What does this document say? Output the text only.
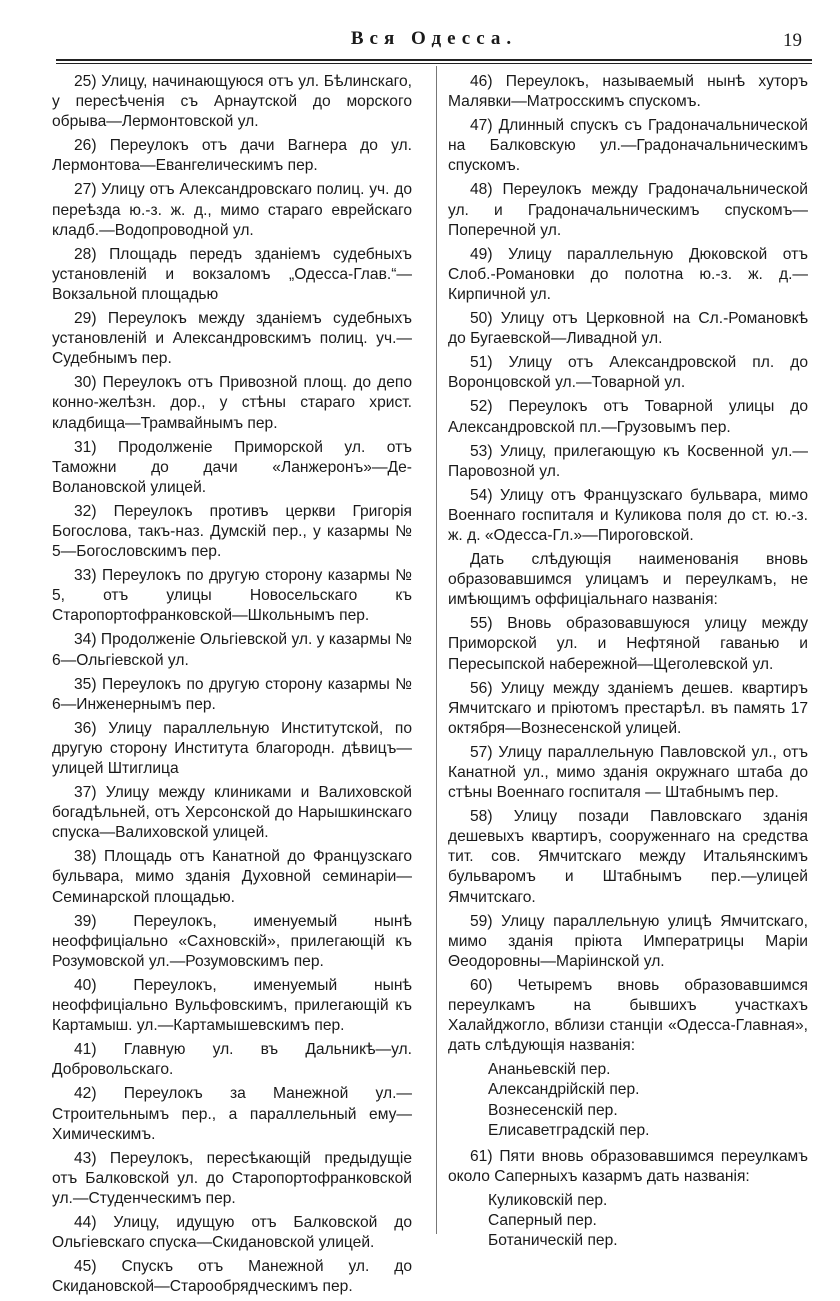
Вся Одесса.	19

25) Улицу, начинающуюся отъ ул. Бѣлинскаго, у пересѣченія съ Арнаутской до морского обрыва—Лермонтовской ул.

26) Переулокъ отъ дачи Вагнера до ул. Лермонтова—Евангелическимъ пер.

27) Улицу отъ Александровскаго полиц. уч. до переѣзда ю.-з. ж. д., мимо стараго еврейскаго кладб.—Водопроводной ул.

28) Площадь передъ зданіемъ судебныхъ установленій и вокзаломъ „Одесса-Глав.“—Вокзальной площадью

29) Переулокъ между зданіемъ судебныхъ установленій и Александровскимъ полиц. уч.—Судебнымъ пер.

30) Переулокъ отъ Привозной площ. до депо конно-желѣзн. дор., у стѣны стараго христ. кладбища—Трамвайнымъ пер.

31) Продолженіе Приморской ул. отъ Таможни до дачи «Ланжеронъ»—Де-Волановской улицей.

32) Переулокъ противъ церкви Григорія Богослова, такъ-наз. Думскій пер., у казармы № 5—Богословскимъ пер.

33) Переулокъ по другую сторону казармы № 5, отъ улицы Новосельскаго къ Старопортофранковской—Школьнымъ пер.

34) Продолженіе Ольгіевской ул. у казармы № 6—Ольгіевской ул.

35) Переулокъ по другую сторону казармы № 6—Инженернымъ пер.

36) Улицу параллельную Институтской, по другую сторону Института благородн. дѣвицъ—улицей Штиглица

37) Улицу между клиниками и Валиховской богадѣльней, отъ Херсонской до Нарышкинскаго спуска—Валиховской улицей.

38) Площадь отъ Канатной до Французскаго бульвара, мимо зданія Духовной семинаріи—Семинарской площадью.

39) Переулокъ, именуемый нынѣ неоффиціально «Сахновскій», прилегающій къ Розумовской ул.—Розумовскимъ пер.

40) Переулокъ, именуемый нынѣ неоффиціально Вульфовскимъ, прилегающій къ Картамыш. ул.—Картамышевскимъ пер.

41) Главную ул. въ Дальникѣ—ул. Добровольскаго.

42) Переулокъ за Манежной ул.—Строительнымъ пер., а параллельный ему—Химическимъ.

43) Переулокъ, пересѣкающій предыдущіе отъ Балковской ул. до Старопортофранковской ул.—Студенческимъ пер.

44) Улицу, идущую отъ Балковской до Ольгіевскаго спуска—Скидановской улицей.

45) Спускъ отъ Манежной ул. до Скидановской—Старообрядческимъ пер.

46) Переулокъ, называемый нынѣ хуторъ Малявки—Матросскимъ спускомъ.

47) Длинный спускъ съ Градоначальнической на Балковскую ул.—Градоначальническимъ спускомъ.

48) Переулокъ между Градоначальнической ул. и Градоначальническимъ спускомъ—Поперечной ул.

49) Улицу параллельную Дюковской отъ Слоб.-Романовки до полотна ю.-з. ж. д.—Кирпичной ул.

50) Улицу отъ Церковной на Сл.-Романовкѣ до Бугаевской—Ливадной ул.

51) Улицу отъ Александровской пл. до Воронцовской ул.—Товарной ул.

52) Переулокъ отъ Товарной улицы до Александровской пл.—Грузовымъ пер.

53) Улицу, прилегающую къ Косвенной ул.—Паровозной ул.

54) Улицу отъ Французскаго бульвара, мимо Военнаго госпиталя и Куликова поля до ст. ю.-з. ж. д. «Одесса-Гл.»—Пироговской.

Дать слѣдующія наименованія вновь образовавшимся улицамъ и переулкамъ, не имѣющимъ оффиціальнаго названія:

55) Вновь образовавшуюся улицу между Приморской ул. и Нефтяной гаванью и Пересыпской набережной—Щеголевской ул.

56) Улицу между зданіемъ дешев. квартиръ Ямчитскаго и пріютомъ престарѣл. въ память 17 октября—Вознесенской улицей.

57) Улицу параллельную Павловской ул., отъ Канатной ул., мимо зданія окружнаго штаба до стѣны Военнаго госпиталя — Штабнымъ пер.

58) Улицу позади Павловскаго зданія дешевыхъ квартиръ, сооруженнаго на средства тит. сов. Ямчитскаго между Итальянскимъ бульваромъ и Штабнымъ пер.—улицей Ямчитскаго.

59) Улицу параллельную улицѣ Ямчитскаго, мимо зданія пріюта Императрицы Маріи Θеодоровны—Маріинской ул.

60) Четыремъ вновь образовавшимся переулкамъ на бывшихъ участкахъ Халайджогло, вблизи станціи «Одесса-Главная», дать слѣдующія названія:

Ананьевскій пер.

Александрійскій пер.

Вознесенскій пер.

Елисаветградскій пер.

61) Пяти вновь образовавшимся переулкамъ около Саперныхъ казармъ дать названія:

Куликовскій пер.

Саперный пер.

Ботаническій пер.
